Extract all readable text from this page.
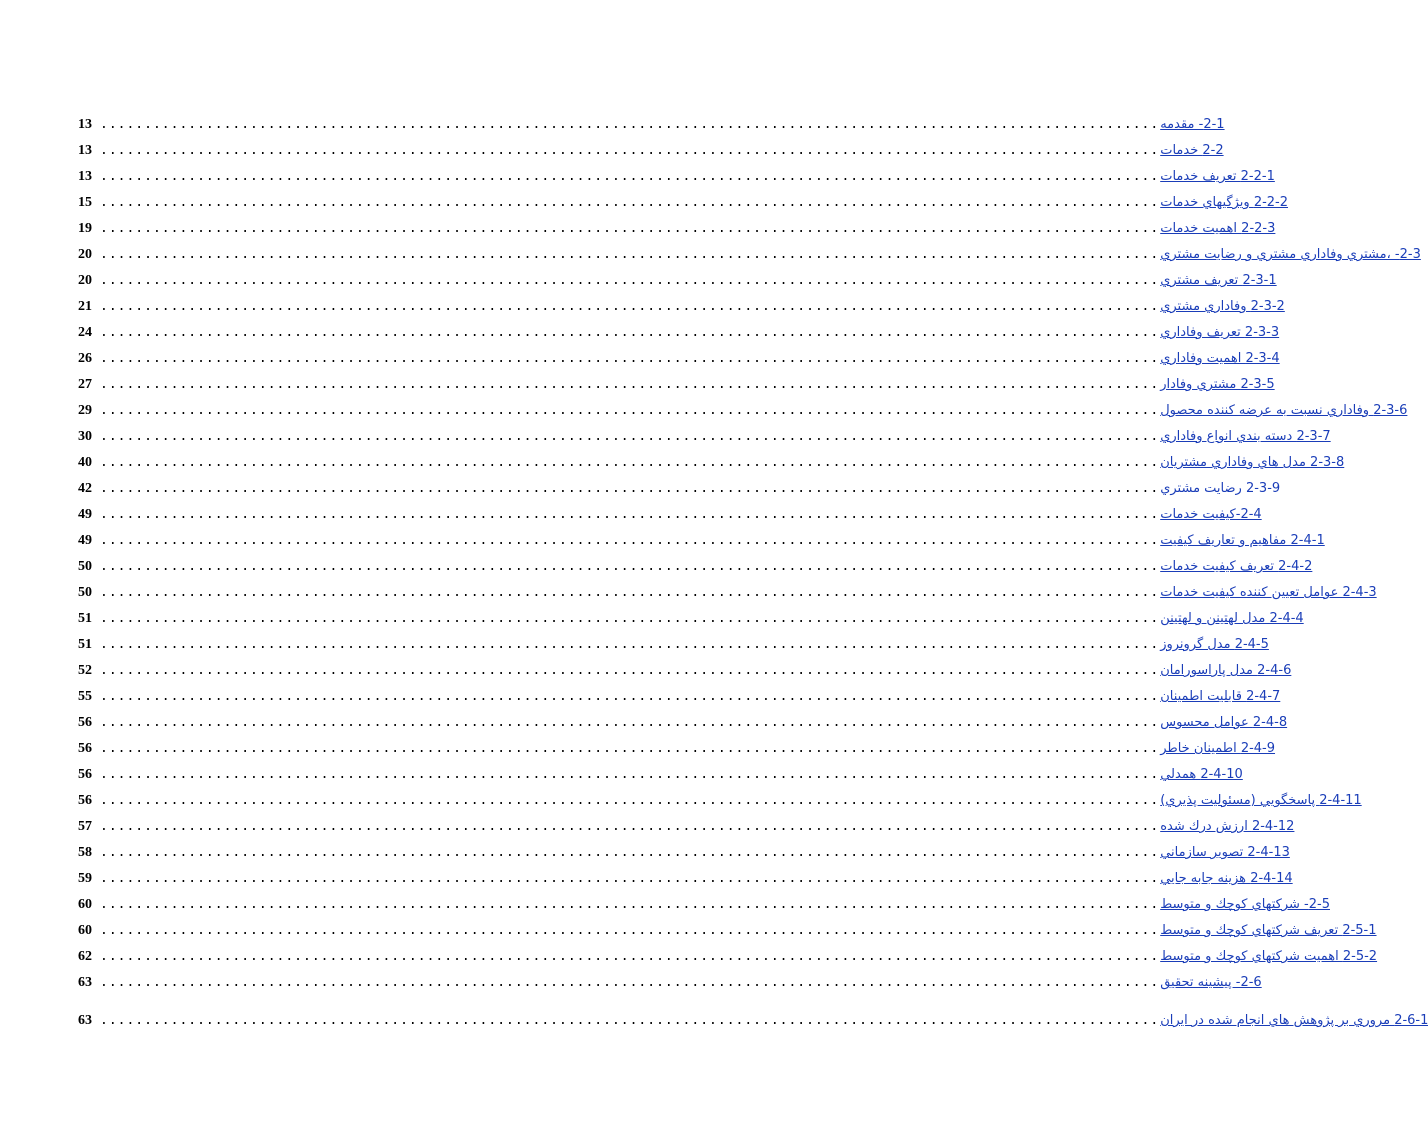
13 ........................................................................................................................ 2-1- مقدمه
13 ........................................................................................................................ 2-2 خدمات
13 ........................................................................................................................ 2-2-1 تعريف خدمات
15 ........................................................................................................................ 2-2-2 ويژگيهاي خدمات
19 ........................................................................................................................ 2-2-3 اهميت خدمات
20 ........................................................................................................................ 2-3- ،مشتري وفاداري مشتري و رضايت مشتري
20 ........................................................................................................................ 2-3-1 تعريف مشتري
21 ........................................................................................................................ 2-3-2 وفاداري مشتري
24 ........................................................................................................................ 2-3-3 تعريف وفاداري
26 ........................................................................................................................ 2-3-4 اهميت وفاداري
27 ........................................................................................................................ 2-3-5 مشتري وفادار
29 ........................................................................................................................ 2-3-6 وفاداري نسبت به عرضه كننده محصول
30 ........................................................................................................................ 2-3-7 دسته بندي انواع وفاداري
40 ........................................................................................................................ 2-3-8 مدل هاي وفاداري مشتريان
42 ........................................................................................................................ 2-3-9 رضايت مشتري
49 ........................................................................................................................ 2-4-كيفيت خدمات
49 ........................................................................................................................ 2-4-1 مفاهيم و تعاريف كيفيت
50 ........................................................................................................................ 2-4-2 تعريف كيفيت خدمات
50 ........................................................................................................................ 2-4-3 عوامل تعيين كننده كيفيت خدمات
51 ........................................................................................................................ 2-4-4 مدل لهتينن و لهتينن
51 ........................................................................................................................ 2-4-5 مدل گرونروز
52 ........................................................................................................................ 2-4-6 مدل پاراسورامان
55 ........................................................................................................................ 2-4-7 قابليت اطمينان
56 ........................................................................................................................ 2-4-8 عوامل محسوس
56 ........................................................................................................................ 2-4-9 اطمينان خاطر
56 ........................................................................................................................ 2-4-10 همدلي
56 ........................................................................................................................ 2-4-11 پاسخگويي (مسئوليت پذيري)
57 ........................................................................................................................ 2-4-12 ارزش درك شده
58 ........................................................................................................................ 2-4-13 تصوير سازماني
59 ........................................................................................................................ 2-4-14 هزينه جابه جايي
60 ........................................................................................................................ 2-5- شركتهاي كوچك و متوسط
60 ........................................................................................................................ 2-5-1 تعريف شركتهاي كوچك و متوسط
62 ........................................................................................................................ 2-5-2 اهميت شركتهاي كوچك و متوسط
63 ........................................................................................................................ 2-6- پيشينه تحقيق
63 ........................................................................................................................ 2-6-1 مروري بر پژوهش هاي انجام شده در ايران
